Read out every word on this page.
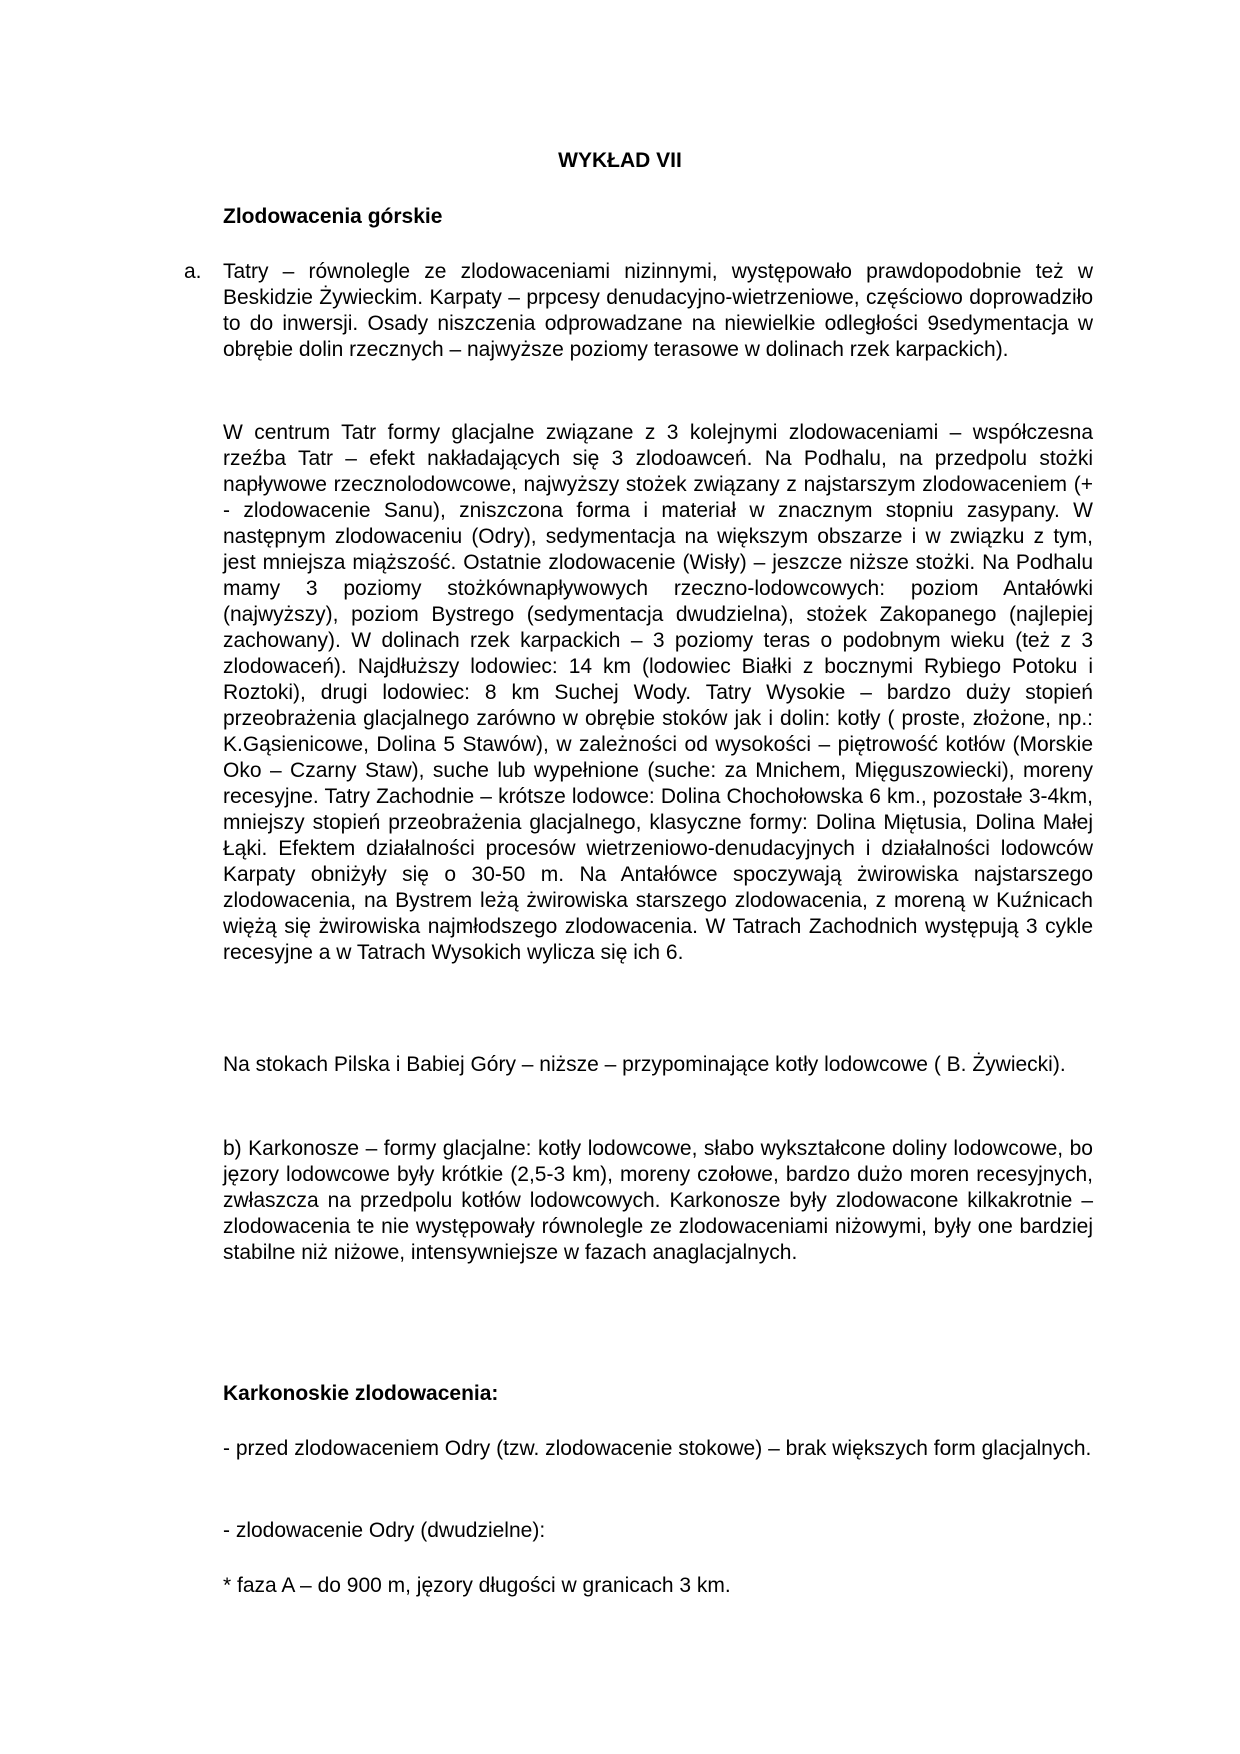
WYKŁAD VII
Zlodowacenia górskie
a. Tatry – równolegle ze zlodowaceniami nizinnymi, występowało prawdopodobnie też w Beskidzie Żywieckim. Karpaty – prpcesy denudacyjno-wietrzeniowe, częściowo doprowadziło to do inwersji. Osady niszczenia odprowadzane na niewielkie odległości 9sedymentacja w obrębie dolin rzecznych – najwyższe poziomy terasowe w dolinach rzek karpackich).
W centrum Tatr formy glacjalne związane z 3 kolejnymi zlodowaceniami – współczesna rzeźba Tatr – efekt nakładających się 3 zlodoawceń. Na Podhalu, na przedpolu stożki napływowe rzecznolodowcowe, najwyższy stożek związany z najstarszym zlodowaceniem (+ - zlodowacenie Sanu), zniszczona forma i materiał w znacznym stopniu zasypany. W następnym zlodowaceniu (Odry), sedymentacja na większym obszarze i w związku z tym, jest mniejsza miąższość. Ostatnie zlodowacenie (Wisły) – jeszcze niższe stożki. Na Podhalu mamy 3 poziomy stożkównapływowych rzeczno-lodowcowych: poziom Antałówki (najwyższy), poziom Bystrego (sedymentacja dwudzielna), stożek Zakopanego (najlepiej zachowany). W dolinach rzek karpackich – 3 poziomy teras o podobnym wieku (też z 3 zlodowaceń). Najdłuższy lodowiec: 14 km (lodowiec Białki z bocznymi Rybiego Potoku i Roztoki), drugi lodowiec: 8 km Suchej Wody. Tatry Wysokie – bardzo duży stopień przeobrażenia glacjalnego zarówno w obrębie stoków jak i dolin: kotły ( proste, złożone, np.: K.Gąsienicowe, Dolina 5 Stawów), w zależności od wysokości – piętrowość kotłów (Morskie Oko – Czarny Staw), suche lub wypełnione (suche: za Mnichem, Mięguszowiecki), moreny recesyjne. Tatry Zachodnie – krótsze lodowce: Dolina Chochołowska 6 km., pozostałe 3-4km, mniejszy stopień przeobrażenia glacjalnego, klasyczne formy: Dolina Miętusia, Dolina Małej Łąki. Efektem działalności procesów wietrzeniowo-denudacyjnych i działalności lodowców Karpaty obniżyły się o 30-50 m. Na Antałówce spoczywają żwirowiska najstarszego zlodowacenia, na Bystrem leżą żwirowiska starszego zlodowacenia, z moreną w Kuźnicach więżą się żwirowiska najmłodszego zlodowacenia. W Tatrach Zachodnich występują 3 cykle recesyjne a w Tatrach Wysokich wylicza się ich 6.
Na stokach Pilska i Babiej Góry – niższe – przypominające kotły lodowcowe ( B. Żywiecki).
b) Karkonosze – formy glacjalne: kotły lodowcowe, słabo wykształcone doliny lodowcowe, bo jęzory lodowcowe były krótkie (2,5-3 km), moreny czołowe, bardzo dużo moren recesyjnych, zwłaszcza na przedpolu kotłów lodowcowych. Karkonosze były zlodowacone kilkakrotnie – zlodowacenia te nie występowały równolegle ze zlodowaceniami niżowymi, były one bardziej stabilne niż niżowe, intensywniejsze w fazach anaglacjalnych.
Karkonoskie zlodowacenia:
- przed zlodowaceniem Odry (tzw. zlodowacenie stokowe) – brak większych form glacjalnych.
- zlodowacenie Odry (dwudzielne):
* faza A – do 900 m, jęzory długości w granicach 3 km.
